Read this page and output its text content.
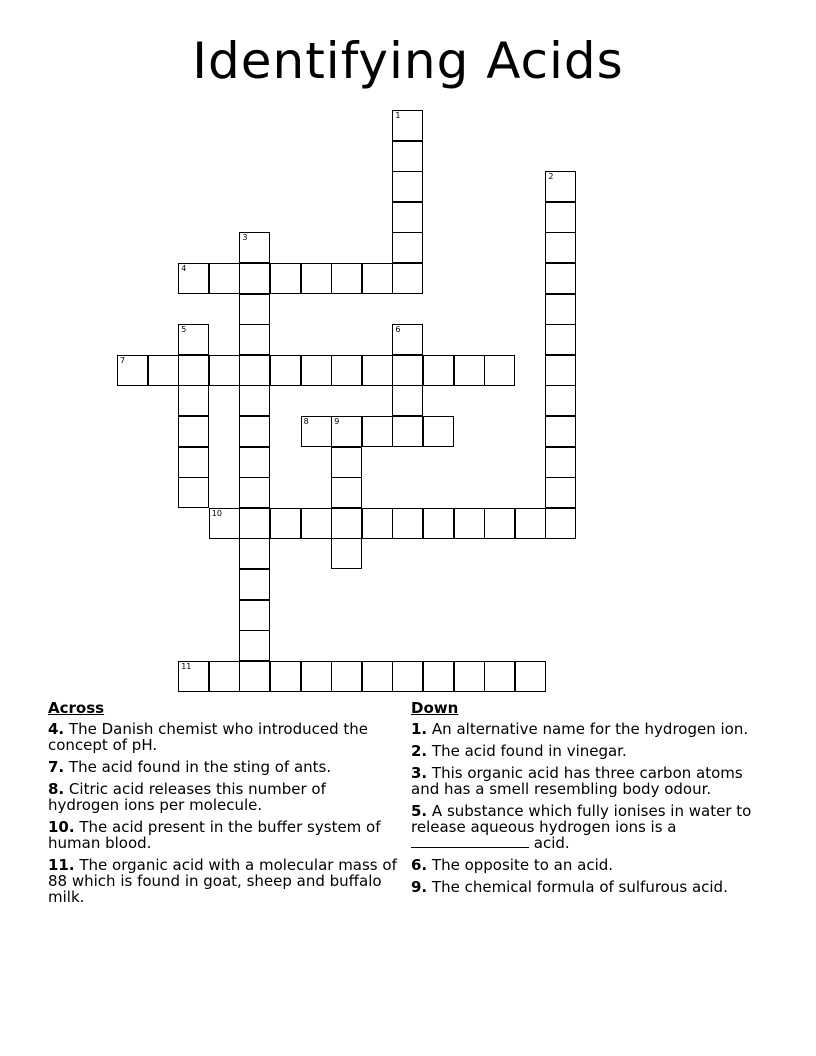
Identifying Acids
1
2
3
4
5	6
7
8	9
10
11
Across
4. The Danish chemist who introduced the concept of pH.
7. The acid found in the sting of ants.
8. Citric acid releases this number of hydrogen ions per molecule.
10. The acid present in the buffer system of human blood.
11. The organic acid with a molecular mass of 88 which is found in goat, sheep and buffalo milk.
Down
1. An alternative name for the hydrogen ion.
2. The acid found in vinegar.
3. This organic acid has three carbon atoms and has a smell resembling body odour.
5. A substance which fully ionises in water to release aqueous hydrogen ions is a  acid.
6. The opposite to an acid.
9. The chemical formula of sulfurous acid.
